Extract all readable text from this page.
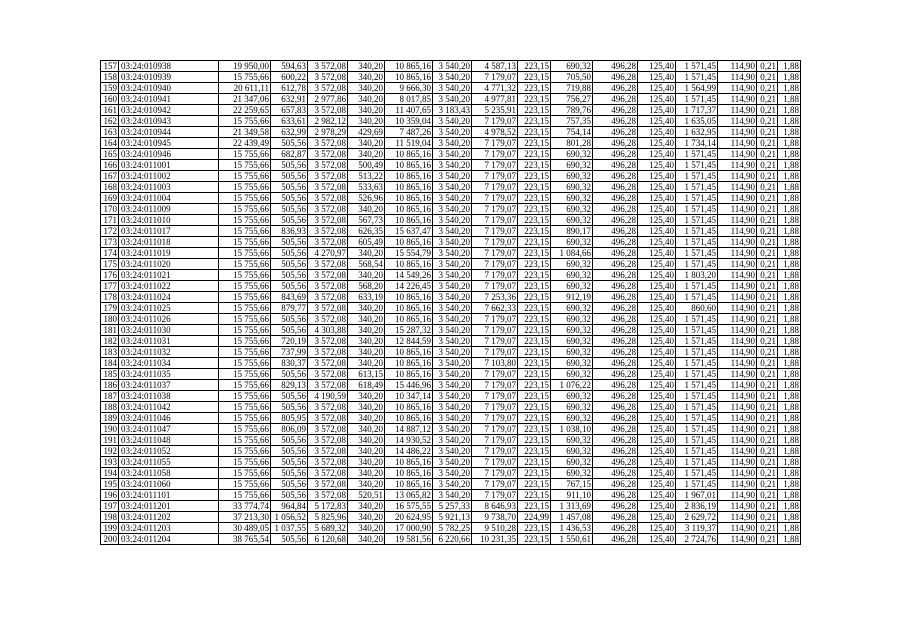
157	03:24:010938	19 950,00	594,63	3 572,08	340,20	10 865,16	3 540,20	4 587,13	223,15	690,32	496,28	125,40	1 571,45	114,90	0,21	1,88
158	03:24:010939	15 755,66	600,22	3 572,08	340,20	10 865,16	3 540,20	7 179,07	223,15	705,50	496,28	125,40	1 571,45	114,90	0,21	1,88
159	03:24:010940	20 611,11	612,78	3 572,08	340,20	9 666,30	3 540,20	4 771,32	223,15	719,88	496,28	125,40	1 564,99	114,90	0,21	1,88
160	03:24:010941	21 347,06	632,91	2 977,86	340,20	8 017,85	3 540,20	4 977,81	223,15	756,27	496,28	125,40	1 571,45	114,90	0,21	1,88
161	03:24:010942	22 259,65	657,83	3 572,08	340,20	11 407,65	3 183,43	5 235,91	223,15	789,76	496,28	125,40	1 717,37	114,90	0,21	1,88
162	03:24:010943	15 755,66	633,61	2 982,12	340,20	10 359,04	3 540,20	7 179,07	223,15	757,35	496,28	125,40	1 635,05	114,90	0,21	1,88
163	03:24:010944	21 349,58	632,99	2 978,29	429,69	7 487,26	3 540,20	4 978,52	223,15	754,14	496,28	125,40	1 632,95	114,90	0,21	1,88
164	03:24:010945	22 439,49	505,56	3 572,08	340,20	11 519,04	3 540,20	7 179,07	223,15	801,28	496,28	125,40	1 734,14	114,90	0,21	1,88
165	03:24:010946	15 755,66	682,87	3 572,08	340,20	10 865,16	3 540,20	7 179,07	223,15	690,32	496,28	125,40	1 571,45	114,90	0,21	1,88
166	03:24:011001	15 755,66	505,56	3 572,08	500,49	10 865,16	3 540,20	7 179,07	223,15	690,32	496,28	125,40	1 571,45	114,90	0,21	1,88
167	03:24:011002	15 755,66	505,56	3 572,08	513,22	10 865,16	3 540,20	7 179,07	223,15	690,32	496,28	125,40	1 571,45	114,90	0,21	1,88
168	03:24:011003	15 755,66	505,56	3 572,08	533,63	10 865,16	3 540,20	7 179,07	223,15	690,32	496,28	125,40	1 571,45	114,90	0,21	1,88
169	03:24:011004	15 755,66	505,56	3 572,08	526,96	10 865,16	3 540,20	7 179,07	223,15	690,32	496,28	125,40	1 571,45	114,90	0,21	1,88
170	03:24:011009	15 755,66	505,56	3 572,08	340,20	10 865,16	3 540,20	7 179,07	223,15	690,32	496,28	125,40	1 571,45	114,90	0,21	1,88
171	03:24:011010	15 755,66	505,56	3 572,08	567,73	10 865,16	3 540,20	7 179,07	223,15	690,32	496,28	125,40	1 571,45	114,90	0,21	1,88
172	03:24:011017	15 755,66	836,93	3 572,08	626,35	15 637,47	3 540,20	7 179,07	223,15	890,17	496,28	125,40	1 571,45	114,90	0,21	1,88
173	03:24:011018	15 755,66	505,56	3 572,08	605,49	10 865,16	3 540,20	7 179,07	223,15	690,32	496,28	125,40	1 571,45	114,90	0,21	1,88
174	03:24:011019	15 755,66	505,56	4 270,97	340,20	15 554,79	3 540,20	7 179,07	223,15	1 084,66	496,28	125,40	1 571,45	114,90	0,21	1,88
175	03:24:011020	15 755,66	505,56	3 572,08	568,54	10 865,16	3 540,20	7 179,07	223,15	690,32	496,28	125,40	1 571,45	114,90	0,21	1,88
176	03:24:011021	15 755,66	505,56	3 572,08	340,20	14 549,26	3 540,20	7 179,07	223,15	690,32	496,28	125,40	1 803,20	114,90	0,21	1,88
177	03:24:011022	15 755,66	505,56	3 572,08	568,20	14 226,45	3 540,20	7 179,07	223,15	690,32	496,28	125,40	1 571,45	114,90	0,21	1,88
178	03:24:011024	15 755,66	843,69	3 572,08	633,19	10 865,16	3 540,20	7 253,36	223,15	912,19	496,28	125,40	1 571,45	114,90	0,21	1,88
179	03:24:011025	15 755,66	879,77	3 572,08	340,20	10 865,16	3 540,20	7 662,33	223,15	690,32	496,28	125,40	860,60	114,90	0,21	1,88
180	03:24:011026	15 755,66	505,56	3 572,08	340,20	10 865,16	3 540,20	7 179,07	223,15	690,32	496,28	125,40	1 571,45	114,90	0,21	1,88
181	03:24:011030	15 755,66	505,56	4 303,88	340,20	15 287,32	3 540,20	7 179,07	223,15	690,32	496,28	125,40	1 571,45	114,90	0,21	1,88
182	03:24:011031	15 755,66	720,19	3 572,08	340,20	12 844,59	3 540,20	7 179,07	223,15	690,32	496,28	125,40	1 571,45	114,90	0,21	1,88
183	03:24:011032	15 755,66	737,99	3 572,08	340,20	10 865,16	3 540,20	7 179,07	223,15	690,32	496,28	125,40	1 571,45	114,90	0,21	1,88
184	03:24:011034	15 755,66	830,37	3 572,08	340,20	10 865,16	3 540,20	7 103,80	223,15	690,32	496,28	125,40	1 571,45	114,90	0,21	1,88
185	03:24:011035	15 755,66	505,56	3 572,08	613,15	10 865,16	3 540,20	7 179,07	223,15	690,32	496,28	125,40	1 571,45	114,90	0,21	1,88
186	03:24:011037	15 755,66	829,13	3 572,08	618,49	15 446,96	3 540,20	7 179,07	223,15	1 076,22	496,28	125,40	1 571,45	114,90	0,21	1,88
187	03:24:011038	15 755,66	505,56	4 190,59	340,20	10 347,14	3 540,20	7 179,07	223,15	690,32	496,28	125,40	1 571,45	114,90	0,21	1,88
188	03:24:011042	15 755,66	505,56	3 572,08	340,20	10 865,16	3 540,20	7 179,07	223,15	690,32	496,28	125,40	1 571,45	114,90	0,21	1,88
189	03:24:011046	15 755,66	805,95	3 572,08	340,20	10 865,16	3 540,20	7 179,07	223,15	690,32	496,28	125,40	1 571,45	114,90	0,21	1,88
190	03:24:011047	15 755,66	806,09	3 572,08	340,20	14 887,12	3 540,20	7 179,07	223,15	1 038,10	496,28	125,40	1 571,45	114,90	0,21	1,88
191	03:24:011048	15 755,66	505,56	3 572,08	340,20	14 930,52	3 540,20	7 179,07	223,15	690,32	496,28	125,40	1 571,45	114,90	0,21	1,88
192	03:24:011052	15 755,66	505,56	3 572,08	340,20	14 486,22	3 540,20	7 179,07	223,15	690,32	496,28	125,40	1 571,45	114,90	0,21	1,88
193	03:24:011055	15 755,66	505,56	3 572,08	340,20	10 865,16	3 540,20	7 179,07	223,15	690,32	496,28	125,40	1 571,45	114,90	0,21	1,88
194	03:24:011058	15 755,66	505,56	3 572,08	340,20	10 865,16	3 540,20	7 179,07	223,15	690,32	496,28	125,40	1 571,45	114,90	0,21	1,88
195	03:24:011060	15 755,66	505,56	3 572,08	340,20	10 865,16	3 540,20	7 179,07	223,15	767,15	496,28	125,40	1 571,45	114,90	0,21	1,88
196	03:24:011101	15 755,66	505,56	3 572,08	520,51	13 065,82	3 540,20	7 179,07	223,15	911,10	496,28	125,40	1 967,01	114,90	0,21	1,88
197	03:24:011201	33 774,74	964,84	5 172,83	340,20	16 575,55	5 257,33	8 646,93	223,15	1 313,69	496,28	125,40	2 836,19	114,90	0,21	1,88
198	03:24:011202	37 213,30	1 056,52	5 825,96	340,20	20 624,95	5 921,13	9 738,70	224,99	1 457,08	496,28	125,40	2 629,72	114,90	0,21	1,88
199	03:24:011203	30 489,05	1 037,55	5 689,32	340,20	17 000,90	5 782,25	9 510,28	223,15	1 436,53	496,28	125,40	3 119,37	114,90	0,21	1,88
200	03:24:011204	38 765,54	505,56	6 120,68	340,20	19 581,56	6 220,66	10 231,35	223,15	1 550,61	496,28	125,40	2 724,76	114,90	0,21	1,88
